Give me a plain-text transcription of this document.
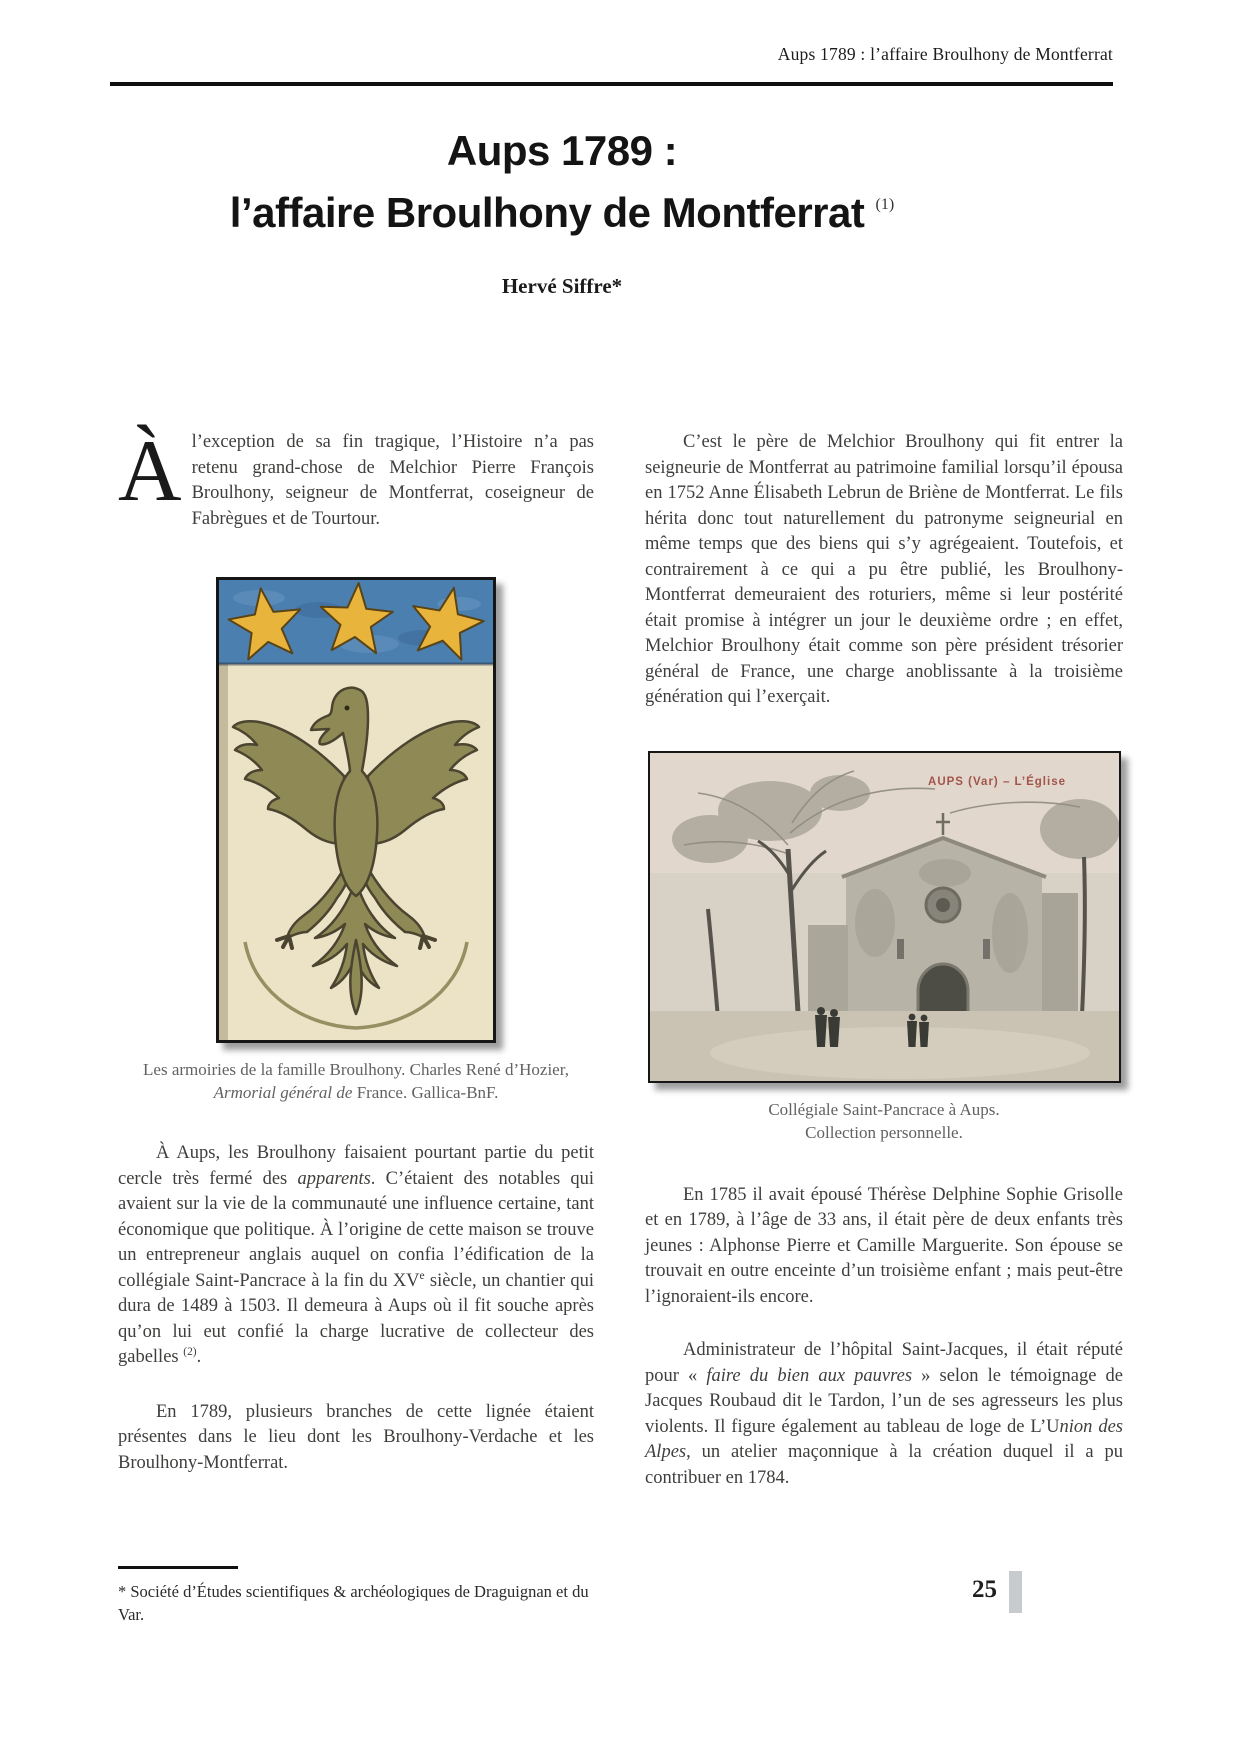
Aups 1789 : l’affaire Broulhony de Montferrat
Aups 1789 :
l’affaire Broulhony de Montferrat $^{(1)}$
Hervé Siffre*

Àl’exception de sa fin tragique, l’Histoire n’a pas retenu grand-chose de Melchior Pierre François Broulhony, seigneur de Montferrat, coseigneur de Fabrègues et de Tourtour.

Les armoiries de la famille Broulhony. Charles René d’Hozier, Armorial général de France. Gallica-BnF.

À Aups, les Broulhony faisaient pourtant partie du petit cercle très fermé des apparents. C’étaient des notables qui avaient sur la vie de la communauté une influence certaine, tant économique que politique. À l’origine de cette maison se trouve un entrepreneur anglais auquel on confia l’édification de la collégiale Saint-Pancrace à la fin du XVe siècle, un chantier qui dura de 1489 à 1503. Il demeura à Aups où il fit souche après qu’on lui eut confié la charge lucrative de collecteur des gabelles $^{(2)}$.

En 1789, plusieurs branches de cette lignée étaient présentes dans le lieu dont les Broulhony-Verdache et les Broulhony-Montferrat.

C’est le père de Melchior Broulhony qui fit entrer la seigneurie de Montferrat au patrimoine familial lorsqu’il épousa en 1752 Anne Élisabeth Lebrun de Briène de Montferrat. Le fils hérita donc tout naturellement du patronyme seigneurial en même temps que des biens qui s’y agrégeaient. Toutefois, et contrairement à ce qui a pu être publié, les Broulhony-Montferrat demeuraient des roturiers, même si leur postérité était promise à intégrer un jour le deuxième ordre ; en effet, Melchior Broulhony était comme son père président trésorier général de France, une charge anoblissante à la troisième génération qui l’exerçait.

AUPS (Var) – L’Église

Collégiale Saint-Pancrace à Aups.
Collection personnelle.

En 1785 il avait épousé Thérèse Delphine Sophie Grisolle et en 1789, à l’âge de 33 ans, il était père de deux enfants très jeunes : Alphonse Pierre et Camille Marguerite. Son épouse se trouvait en outre enceinte d’un troisième enfant ; mais peut-être l’ignoraient-ils encore.

Administrateur de l’hôpital Saint-Jacques, il était réputé pour « faire du bien aux pauvres » selon le témoignage de Jacques Roubaud dit le Tardon, l’un de ses agresseurs les plus violents. Il figure également au tableau de loge de L’Union des Alpes, un atelier maçonnique à la création duquel il a pu contribuer en 1784.

* Société d’Études scientifiques & archéologiques de Draguignan et du Var.
25
